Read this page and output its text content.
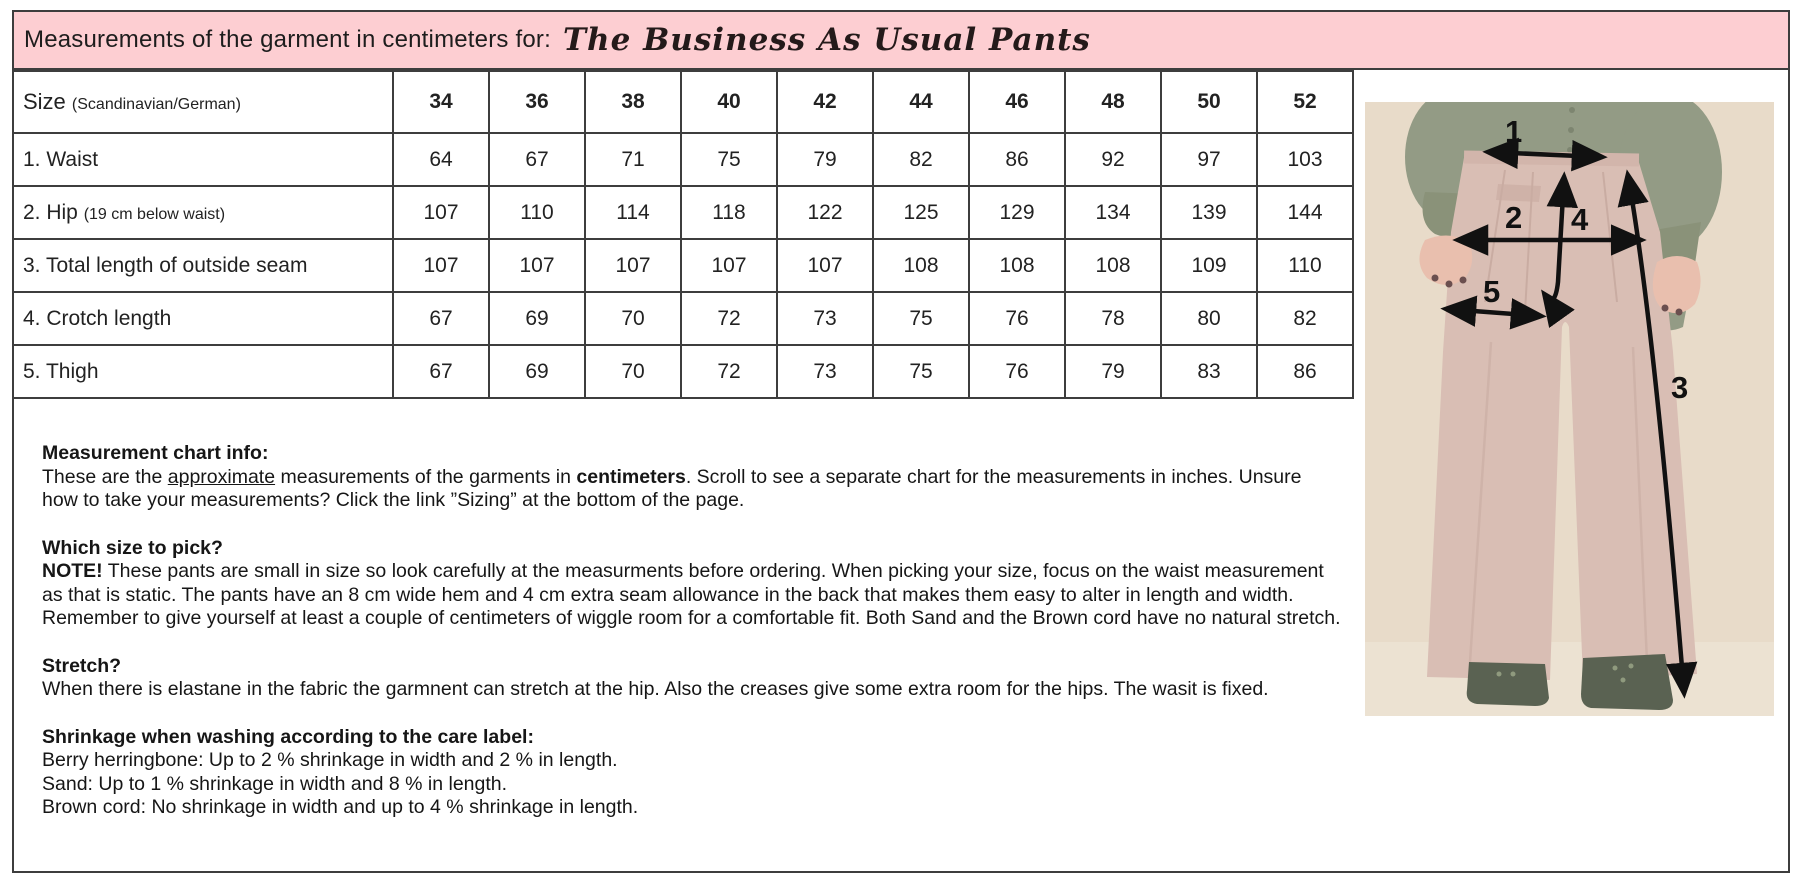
Measurements of the garment in centimeters for: The Business As Usual Pants
Size (Scandinavian/German)	34	36	38	40	42	44	46	48	50	52
1. Waist	64	67	71	75	79	82	86	92	97	103
2. Hip (19 cm below waist)	107	110	114	118	122	125	129	134	139	144
3. Total length of outside seam	107	107	107	107	107	108	108	108	109	110
4. Crotch length	67	69	70	72	73	75	76	78	80	82
5. Thigh	67	69	70	72	73	75	76	79	83	86
Measurement chart info:
These are the approximate measurements of the garments in centimeters. Scroll to see a separate chart for the measurements in inches. Unsure how to take your measurements? Click the link ”Sizing” at the bottom of the page.
Which size to pick?
NOTE! These pants are small in size so look carefully at the measurments before ordering. When picking your size, focus on the waist measurement as that is static. The pants have an 8 cm wide hem and 4 cm extra seam allowance in the back that makes them easy to alter in length and width. Remember to give yourself at least a couple of centimeters of wiggle room for a comfortable fit. Both Sand and the Brown cord have no natural stretch.
Stretch?
When there is elastane in the fabric the garmnent can stretch at the hip. Also the creases give some extra room for the hips. The wasit is fixed.
Shrinkage when washing according to the care label:
Berry herringbone: Up to 2 % shrinkage in width and 2 % in length.
Sand: Up to 1 % shrinkage in width and 8 % in length.
Brown cord: No shrinkage in width and up to 4 % shrinkage in length.
1
2
5
4
3
